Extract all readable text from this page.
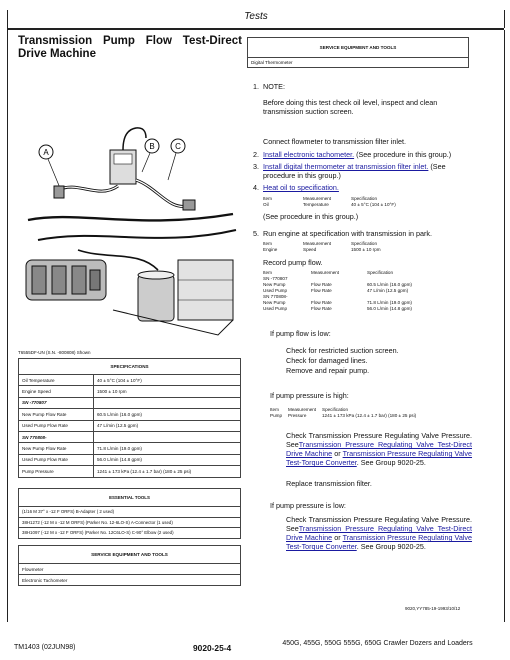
Tests
Transmission Pump Flow Test-Direct Drive Machine
A
B	C
T6555DF-UN (S.N. -800808) Shown
SPECIFICATIONS	
Oil Temperature	40 ± 5°C (104 ± 10°F)
Engine Speed	1500 ± 10 rpm
SN -770807	
New Pump Flow Rate	60.5 L/min (16.0 gpm)
Used Pump Flow Rate	47 L/min (12.5 gpm)
SN 770808-	
New Pump Flow Rate	71.8 L/min (19.0 gpm)
Used Pump Flow Rate	56.0 L/min (14.8 gpm)
Pump Pressure	1241 ± 173 kPa (12.4 ± 1.7 bar) (180 ± 25 psi)
ESSENTIAL TOOLS
(1/16 M 37° x -12 F ORFS) B-Adapter ( 2 used)
38H1272 (-12 M x -12 M ORFS) (Parker No. 12-6LO-S) A-Connector (1 used)
38H1097 (-12 M x -12 F ORFS) (Parker No. 12C6LO-S) C-90° Elbow (2 used)
SERVICE EQUIPMENT AND TOOLS
Flowmeter
Electronic Tachometer
SERVICE EQUIPMENT AND TOOLS
Digital Thermometer
1. NOTE:
Before doing this test check oil level, inspect and clean transmission suction screen.
Connect flowmeter to transmission filter inlet.
2. Install electronic tachometer. (See procedure in this group.)
3. Install digital thermometer at transmission filter inlet. (See procedure in this group.)
4. Heat oil to specification.
Item	Measurement	Specification
Oil	Temperature	40 ± 5°C (104 ± 10°F)
(See procedure in this group.)
5. Run engine at specification with transmission in park.
Item	Measurement	Specification
Engine	Speed	1500 ± 10 rpm
Record pump flow.
Item	Measurement	Specification
SN -770807		
New Pump	Flow Rate	60.5 L/min (16.0 gpm)
Used Pump	Flow Rate	47 L/min (12.5 gpm)
SN 770808-		
New Pump	Flow Rate	71.8 L/min (19.0 gpm)
Used Pump	Flow Rate	56.0 L/min (14.8 gpm)
If pump flow is low:
Check for restricted suction screen.
Check for damaged lines.
Remove and repair pump.
If pump pressure is high:
Item	Measurement	Specification
Pump	Pressure	1241 ± 173 kPa (12.4 ± 1.7 bar) (180 ± 25 psi)
Check Transmission Pressure Regulating Valve Pressure. SeeTransmission Pressure Regulating Valve Test-Direct Drive Machine or Transmission Pressure Regulating Valve Test-Torque Converter. See Group 9020-25.
Replace transmission filter.
If pump pressure is low:
Check Transmission Pressure Regulating Valve Pressure. SeeTransmission Pressure Regulating Valve Test-Direct Drive Machine or Transmission Pressure Regulating Valve Test-Torque Converter. See Group 9020-25.
9020,YY785-19-1993/10/12
TM1403 (02JUN98)	9020-25-4	450G, 455G, 550G 555G, 650G Crawler Dozers and Loaders
